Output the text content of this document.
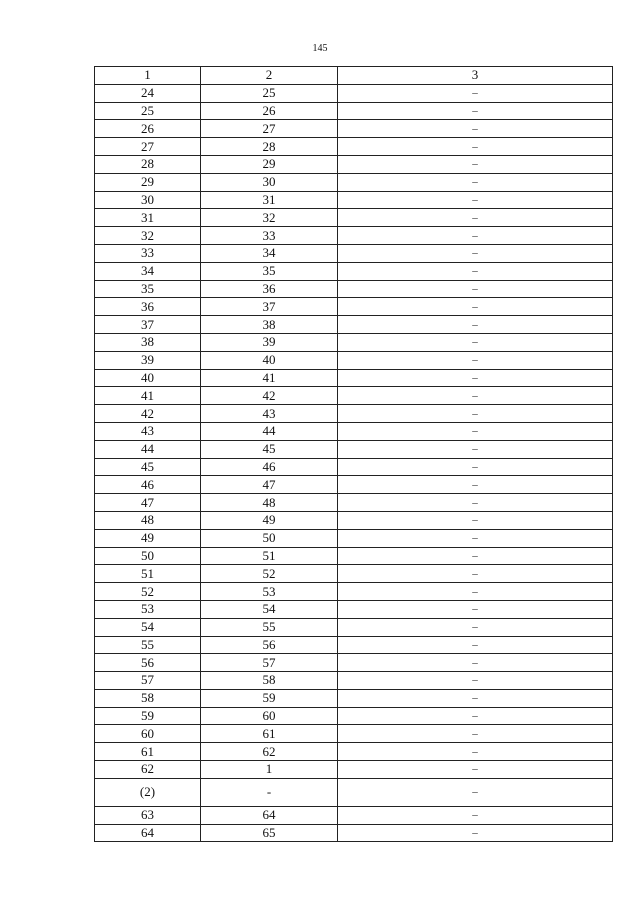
145
1	2	3
24	25	–
25	26	–
26	27	–
27	28	–
28	29	–
29	30	–
30	31	–
31	32	–
32	33	–
33	34	–
34	35	–
35	36	–
36	37	–
37	38	–
38	39	–
39	40	–
40	41	–
41	42	–
42	43	–
43	44	–
44	45	–
45	46	–
46	47	–
47	48	–
48	49	–
49	50	–
50	51	–
51	52	–
52	53	–
53	54	–
54	55	–
55	56	–
56	57	–
57	58	–
58	59	–
59	60	–
60	61	–
61	62	–
62	1	–
(2)	-	–
63	64	–
64	65	–
